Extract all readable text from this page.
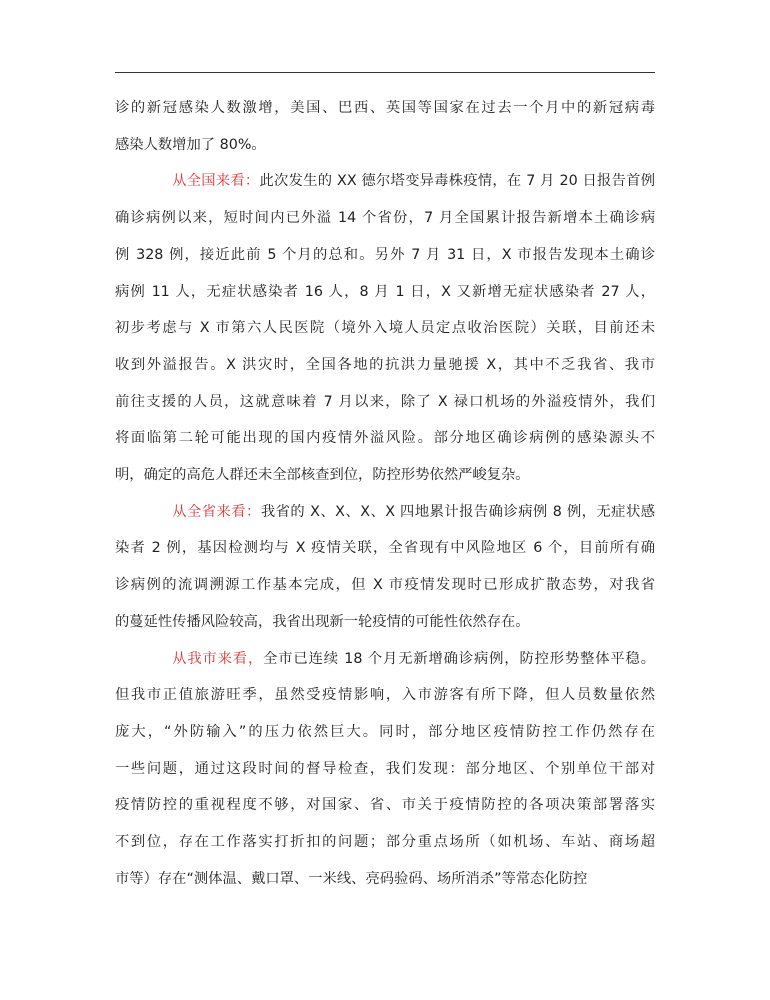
诊的新冠感染人数激增，美国、巴西、英国等国家在过去一个月中的新冠病毒
感染人数增加了 80%。
从全国来看：此次发生的 XX 德尔塔变异毒株疫情，在 7 月 20 日报告首例
确诊病例以来，短时间内已外溢 14 个省份，7 月全国累计报告新增本土确诊病
例 328 例，接近此前 5 个月的总和。另外 7 月 31 日，X 市报告发现本土确诊
病例 11 人，无症状感染者 16 人，8 月 1 日，X 又新增无症状感染者 27 人，
初步考虑与 X 市第六人民医院（境外入境人员定点收治医院）关联，目前还未
收到外溢报告。X 洪灾时，全国各地的抗洪力量驰援 X，其中不乏我省、我市
前往支援的人员，这就意味着 7 月以来，除了 X 禄口机场的外溢疫情外，我们
将面临第二轮可能出现的国内疫情外溢风险。部分地区确诊病例的感染源头不
明，确定的高危人群还未全部核查到位，防控形势依然严峻复杂。
从全省来看：我省的 X、X、X、X 四地累计报告确诊病例 8 例，无症状感
染者 2 例，基因检测均与 X 疫情关联，全省现有中风险地区 6 个，目前所有确
诊病例的流调溯源工作基本完成，但 X 市疫情发现时已形成扩散态势，对我省
的蔓延性传播风险较高，我省出现新一轮疫情的可能性依然存在。
从我市来看，全市已连续 18 个月无新增确诊病例，防控形势整体平稳。
但我市正值旅游旺季，虽然受疫情影响，入市游客有所下降，但人员数量依然
庞大，“外防输入”的压力依然巨大。同时，部分地区疫情防控工作仍然存在
一些问题，通过这段时间的督导检查，我们发现：部分地区、个别单位干部对
疫情防控的重视程度不够，对国家、省、市关于疫情防控的各项决策部署落实
不到位，存在工作落实打折扣的问题；部分重点场所（如机场、车站、商场超
市等）存在“测体温、戴口罩、一米线、亮码验码、场所消杀”等常态化防控
